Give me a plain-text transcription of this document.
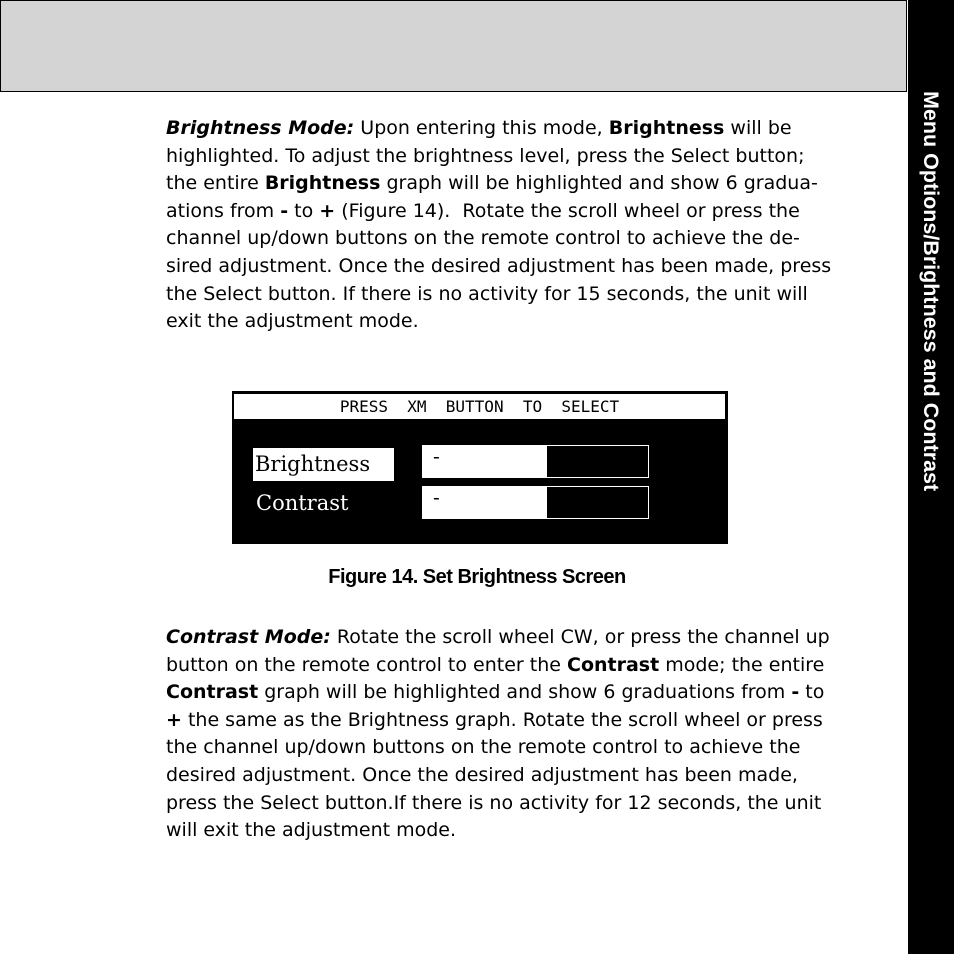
Menu Options/Brightness and Contrast
Brightness Mode: Upon entering this mode, Brightness will be
highlighted. To adjust the brightness level, press the Select button;
the entire Brightness graph will be highlighted and show 6 gradua-
ations from - to + (Figure 14).  Rotate the scroll wheel or press the
channel up/down buttons on the remote control to achieve the de-
sired adjustment. Once the desired adjustment has been made, press
the Select button. If there is no activity for 15 seconds, the unit will
exit the adjustment mode.
PRESS  XM  BUTTON  TO  SELECT
Brightness
Contrast
-
-
Figure 14. Set Brightness Screen
Contrast Mode: Rotate the scroll wheel CW, or press the channel up
button on the remote control to enter the Contrast mode; the entire
Contrast graph will be highlighted and show 6 graduations from - to
+ the same as the Brightness graph. Rotate the scroll wheel or press
the channel up/down buttons on the remote control to achieve the
desired adjustment. Once the desired adjustment has been made,
press the Select button.If there is no activity for 12 seconds, the unit
will exit the adjustment mode.
